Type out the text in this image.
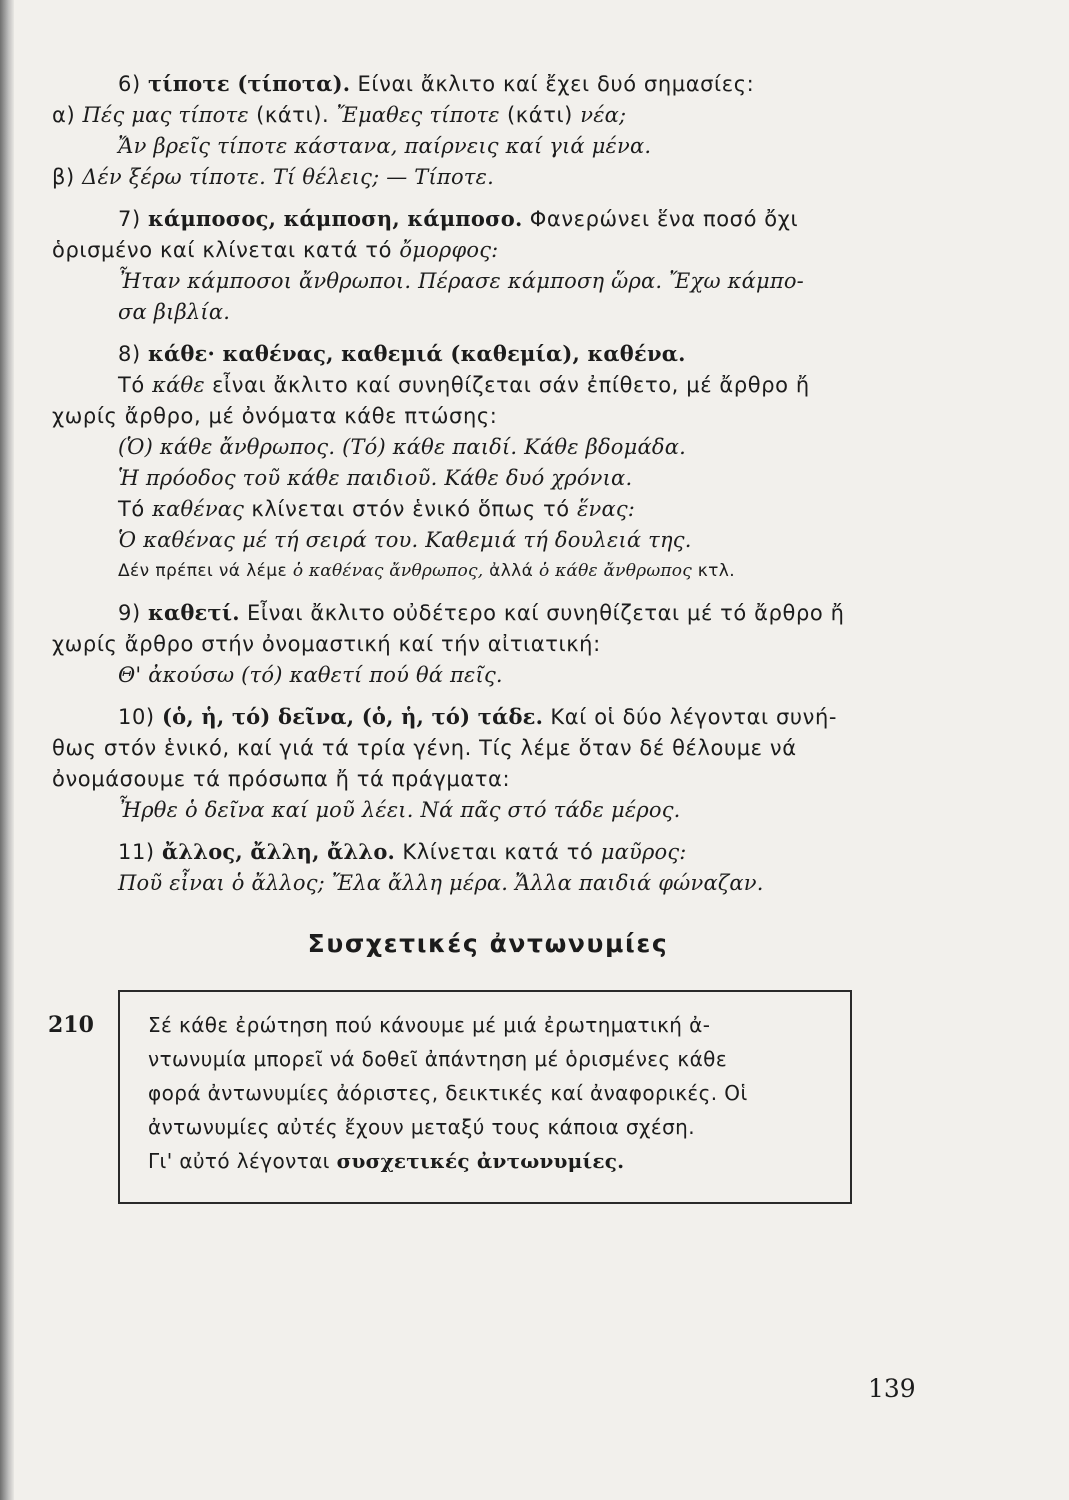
6) τίποτε (τίποτα). Είναι ἄκλιτο καί ἔχει δυό σημασίες:
α) Πές μας τίποτε (κάτι). Ἔμαθες τίποτε (κάτι) νέα;
Ἄν βρεῖς τίποτε κάστανα, παίρνεις καί γιά μένα.
β) Δέν ξέρω τίποτε. Τί θέλεις; — Τίποτε.
7) κάμποσος, κάμποση, κάμποσο. Φανερώνει ἕνα ποσό ὄχι
ὁρισμένο καί κλίνεται κατά τό ὄμορφος:
Ἦταν κάμποσοι ἄνθρωποι. Πέρασε κάμποση ὥρα. Ἔχω κάμπο-
σα βιβλία.
8) κάθε· καθένας, καθεμιά (καθεμία), καθένα.
Τό κάθε εἶναι ἄκλιτο καί συνηθίζεται σάν ἐπίθετο, μέ ἄρθρο ἤ
χωρίς ἄρθρο, μέ ὀνόματα κάθε πτώσης:
(Ὁ) κάθε ἄνθρωπος. (Τό) κάθε παιδί. Κάθε βδομάδα.
Ἡ πρόοδος τοῦ κάθε παιδιοῦ. Κάθε δυό χρόνια.
Τό καθένας κλίνεται στόν ἑνικό ὅπως τό ἕνας:
Ὁ καθένας μέ τή σειρά του. Καθεμιά τή δουλειά της.
Δέν πρέπει νά λέμε ὁ καθένας ἄνθρωπος, ἀλλά ὁ κάθε ἄνθρωπος κτλ.
9) καθετί. Εἶναι ἄκλιτο οὐδέτερο καί συνηθίζεται μέ τό ἄρθρο ἤ
χωρίς ἄρθρο στήν ὀνομαστική καί τήν αἰτιατική:
Θ' ἀκούσω (τό) καθετί πού θά πεῖς.
10) (ὁ, ἡ, τό) δεῖνα, (ὁ, ἡ, τό) τάδε. Καί οἱ δύο λέγονται συνή-
θως στόν ἑνικό, καί γιά τά τρία γένη. Τίς λέμε ὅταν δέ θέλουμε νά
ὀνομάσουμε τά πρόσωπα ἤ τά πράγματα:
Ἦρθε ὁ δεῖνα καί μοῦ λέει. Νά πᾶς στό τάδε μέρος.
11) ἄλλος, ἄλλη, ἄλλο. Κλίνεται κατά τό μαῦρος:
Ποῦ εἶναι ὁ ἄλλος; Ἔλα ἄλλη μέρα. Ἄλλα παιδιά φώναζαν.
Συσχετικές ἀντωνυμίες
210	Σέ κάθε ἐρώτηση πού κάνουμε μέ μιά ἐρωτηματική ἀ-
ντωνυμία μπορεῖ νά δοθεῖ ἀπάντηση μέ ὁρισμένες κάθε
φορά ἀντωνυμίες ἀόριστες, δεικτικές καί ἀναφορικές. Οἱ
ἀντωνυμίες αὐτές ἔχουν μεταξύ τους κάποια σχέση.
Γι' αὐτό λέγονται συσχετικές ἀντωνυμίες.
139
